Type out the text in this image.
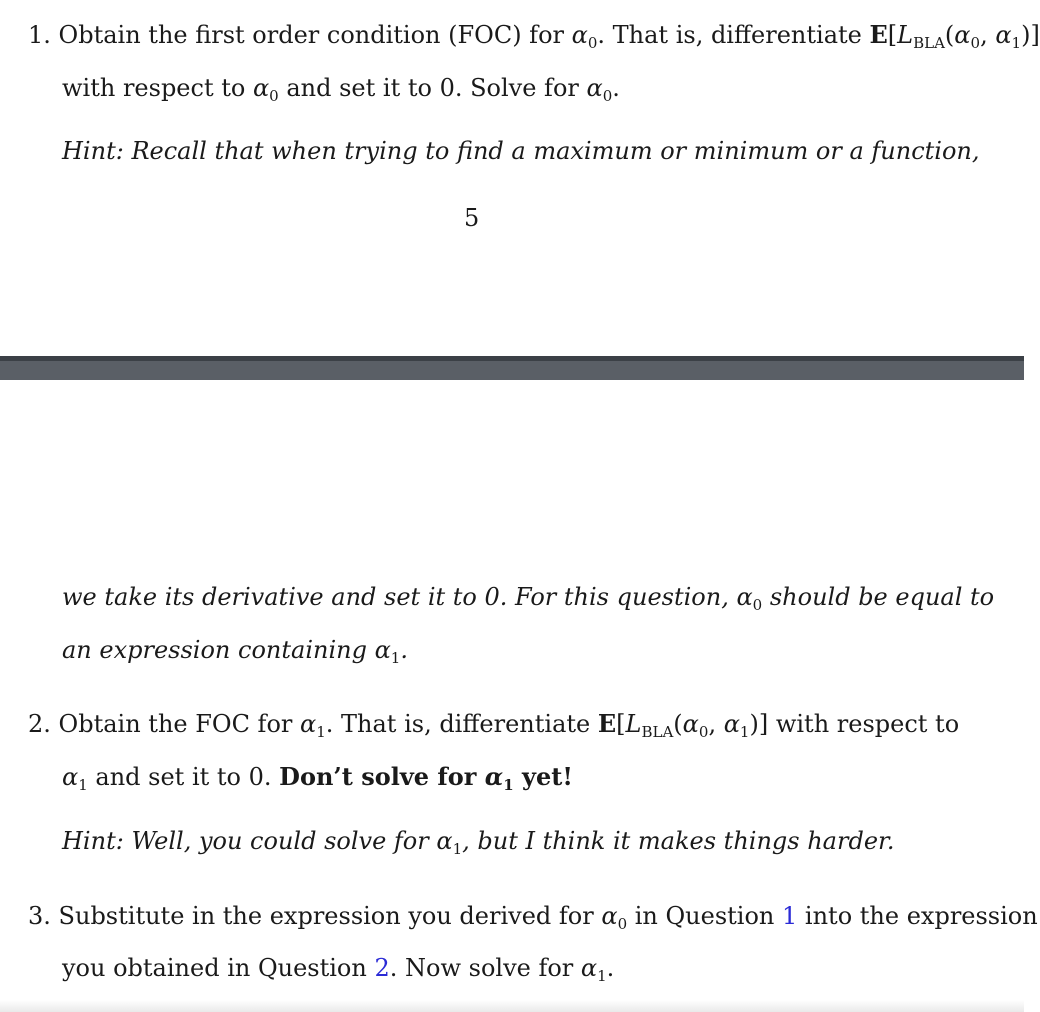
1. Obtain the first order condition (FOC) for $\alpha_0$. That is, differentiate $E[L_{BLA}(\alpha_0$, $\alpha_1$)]
with respect to $\alpha_0$ and set it to 0. Solve for $\alpha_0$.
Hint: Recall that when trying to find a maximum or minimum or a function,
5
we take its derivative and set it to 0. For this question, $\alpha_0$ should be equal to
an expression containing $\alpha_1$.
2. Obtain the FOC for $\alpha_1$. That is, differentiate $E[L_{BLA}(\alpha_0$, $\alpha_1$)] with respect to
$\alpha_1$ and set it to 0. Don’t solve for $\alpha_1$ yet!
Hint: Well, you could solve for $\alpha_1$, but I think it makes things harder.
3. Substitute in the expression you derived for $\alpha_0$ in Question 1 into the expression
you obtained in Question 2. Now solve for $\alpha_1$.
